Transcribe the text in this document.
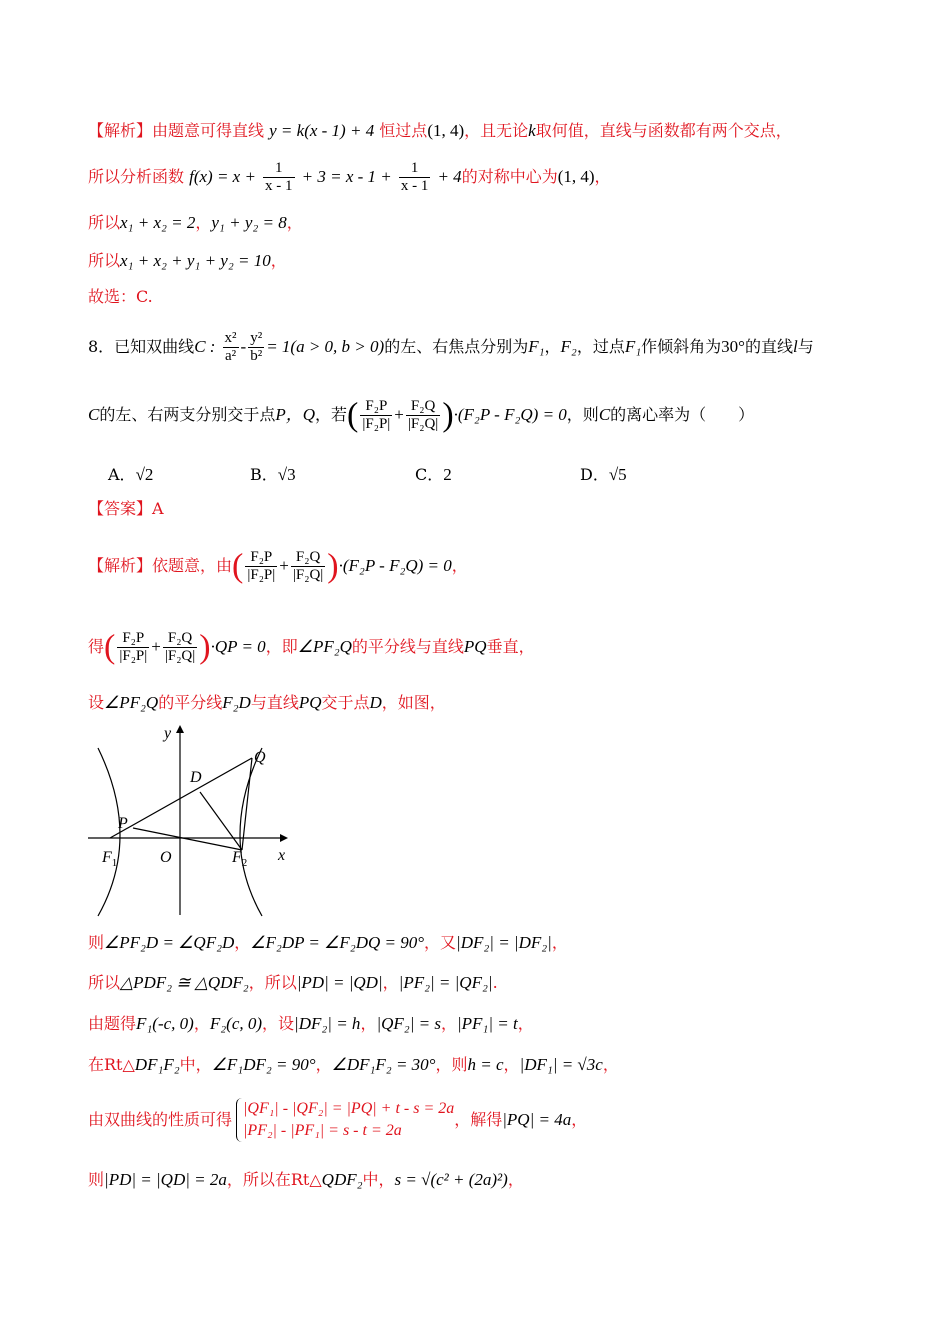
【解析】由题意可得直线 y = k(x - 1) + 4 恒过点(1, 4)，且无论k取何值，直线与函数都有两个交点，
所以分析函数 $f(x) = x + \frac{1}{x - 1} + 3 = x - 1 + \frac{1}{x - 1} + 4$的对称中心为(1, 4)，
所以x₁ + x₂ = 2，y₁ + y₂ = 8，
所以x₁ + x₂ + y₁ + y₂ = 10，
故选：C.
8．已知双曲线C : $\frac{\text{x²}}{\text{a²}} - \frac{\text{y²}}{\text{b²}} = 1(a > 0$, b > 0)的左、右焦点分别为F₁，F₂，过点F₁作倾斜角为30°的直线l与
C的左、右两支分别交于点P，Q，若( $\frac{\text{F₂P}}{\text{|F₂P|}} + \frac{\text{F₂Q}}{\text{|F₂Q|}} )\cdot(F_2P - F_2Q) = 0$，则C的离心率为（　　）
A．√2	B．√3	C．2	D．√5
【答案】A
【解析】依题意，由( $\frac{\text{F₂P}}{\text{|F₂P|}} + \frac{\text{F₂Q}}{\text{|F₂Q|}} )\cdot(F_2P - F_2Q) = 0$，
得( $\frac{\text{F₂P}}{\text{|F₂P|}} + \frac{\text{F₂Q}}{\text{|F₂Q|}} )\cdot QP = 0$，即∠PF₂Q的平分线与直线PQ垂直，
设∠PF₂Q的平分线F₂D与直线PQ交于点D，如图，
y
x
O
P
Q
D
$F_1$	$F_2$
则∠PF₂D = ∠QF₂D，∠F₂DP = ∠F₂DQ = 90°，又|DF₂| = |DF₂|，
所以△PDF₂ ≅ △QDF₂，所以|PD| = |QD|，|PF₂| = |QF₂|.
由题得F₁(-c, 0)，F₂(c, 0)，设|DF₂| = h，|QF₂| = s，|PF₁| = t，
在Rt△DF₁F₂中，∠F₁DF₂ = 90°，∠DF₁F₂ = 30°，则h = c，|DF₁| = √3c，
由双曲线的性质可得
|QF₁| - |QF₂| = |PQ| + t - s = 2a
|PF₂| - |PF₁| = s - t = 2a
，解得|PQ| = 4a，
则|PD| = |QD| = 2a，所以在Rt△QDF₂中，s = √(c² + (2a)²)，
